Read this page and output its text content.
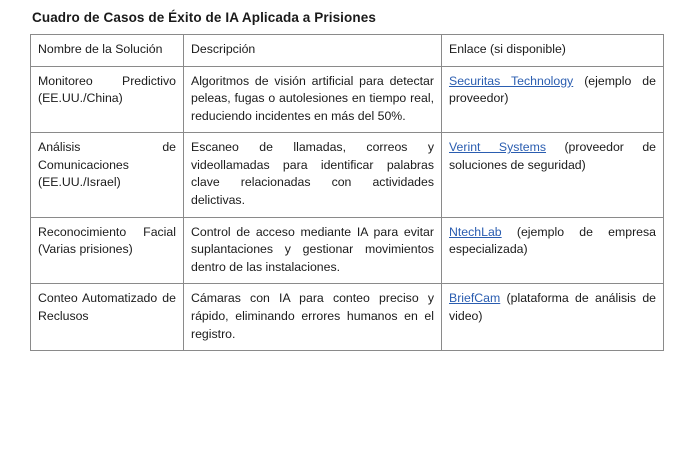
Cuadro de Casos de Éxito de IA Aplicada a Prisiones
Nombre de la Solución	Descripción	Enlace (si disponible)

Monitoreo Predictivo (EE.UU./China)	Algoritmos de visión artificial para detectar peleas, fugas o autolesiones en tiempo real, reduciendo incidentes en más del 50%.	Securitas Technology (ejemplo de proveedor)

Análisis de Comunicaciones (EE.UU./Israel)	Escaneo de llamadas, correos y videollamadas para identificar palabras clave relacionadas con actividades delictivas.	Verint Systems (proveedor de soluciones de seguridad)

Reconocimiento Facial (Varias prisiones)	Control de acceso mediante IA para evitar suplantaciones y gestionar movimientos dentro de las instalaciones.	NtechLab (ejemplo de empresa especializada)

Conteo Automatizado de Reclusos	Cámaras con IA para conteo preciso y rápido, eliminando errores humanos en el registro.	BriefCam (plataforma de análisis de video)
